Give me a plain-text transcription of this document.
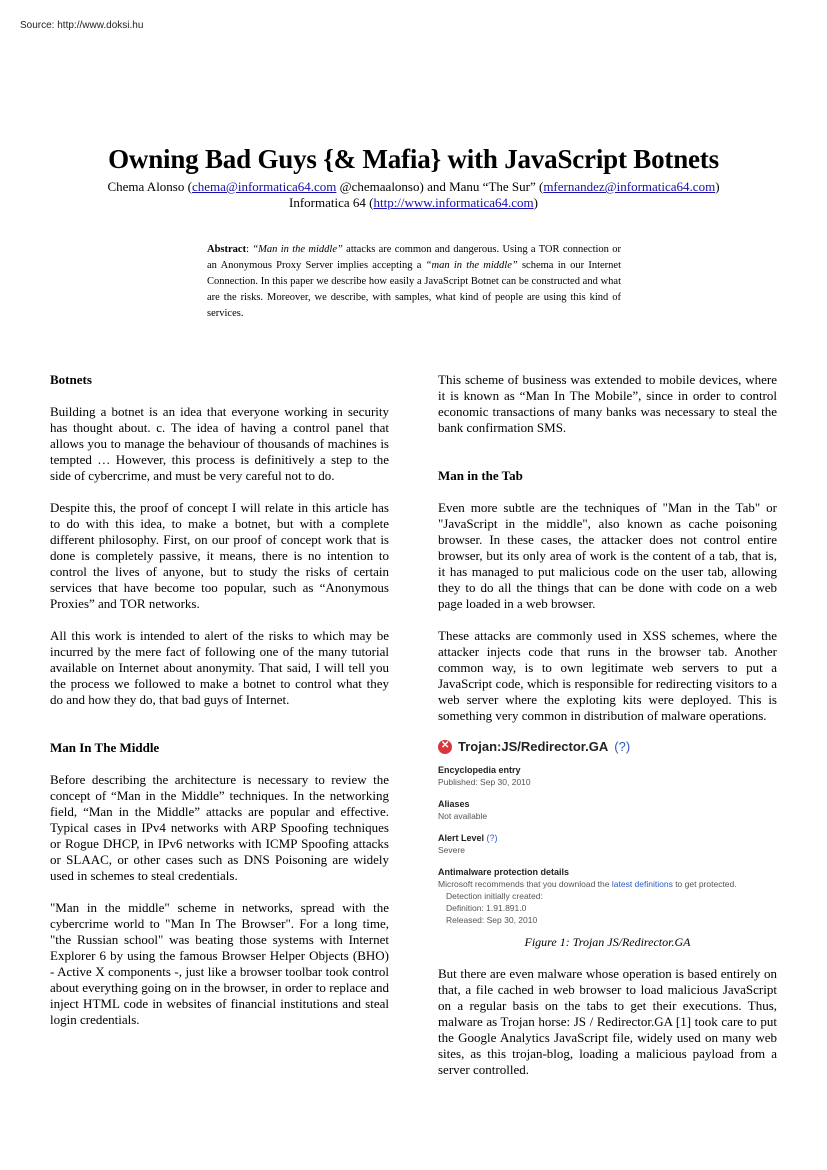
Source: http://www.doksi.hu
Owning Bad Guys {& Mafia} with JavaScript Botnets
Chema Alonso (chema@informatica64.com @chemaalonso) and Manu “The Sur” (mfernandez@informatica64.com)
Informatica 64 (http://www.informatica64.com)
Abstract: “Man in the middle” attacks are common and dangerous. Using a TOR connection or an Anonymous Proxy Server implies accepting a “man in the middle” schema in our Internet Connection. In this paper we describe how easily a JavaScript Botnet can be constructed and what are the risks. Moreover, we describe, with samples, what kind of people are using this kind of services.
Botnets

Building a botnet is an idea that everyone working in security has thought about. c. The idea of having a control panel that allows you to manage the behaviour of thousands of machines is tempted … However, this process is definitively a step to the side of cybercrime, and must be very careful not to do.

Despite this, the proof of concept I will relate in this article has to do with this idea, to make a botnet, but with a complete different philosophy. First, on our proof of concept work that is done is completely passive, it means, there is no intention to control the lives of anyone, but to study the risks of certain services that have become too popular, such as “Anonymous Proxies” and TOR networks.

All this work is intended to alert of the risks to which may be incurred by the mere fact of following one of the many tutorial available on Internet about anonymity. That said, I will tell you the process we followed to make a botnet to control what they do and how they do, that bad guys of Internet.

Man In The Middle

Before describing the architecture is necessary to review the concept of “Man in the Middle” techniques. In the networking field, “Man in the Middle” attacks are popular and effective. Typical cases in IPv4 networks with ARP Spoofing techniques or Rogue DHCP, in IPv6 networks with ICMP Spoofing attacks or SLAAC, or other cases such as DNS Poisoning are widely used in schemes to steal credentials.

"Man in the middle" scheme in networks, spread with the cybercrime world to "Man In The Browser". For a long time, "the Russian school" was beating those systems with Internet Explorer 6 by using the famous Browser Helper Objects (BHO) - Active X components -, just like a browser toolbar took control about everything going on in the browser, in order to replace and inject HTML code in websites of financial institutions and steal login credentials.

This scheme of business was extended to mobile devices, where it is known as “Man In The Mobile”, since in order to control economic transactions of many banks was necessary to steal the bank confirmation SMS.

Man in the Tab

Even more subtle are the techniques of "Man in the Tab" or "JavaScript in the middle", also known as cache poisoning browser. In these cases, the attacker does not control entire browser, but its only area of work is the content of a tab, that is, it has managed to put malicious code on the user tab, allowing they to do all the things that can be done with code on a web page loaded in a web browser.

These attacks are commonly used in XSS schemes, where the attacker injects code that runs in the browser tab. Another common way, is to own legitimate web servers to put a JavaScript code, which is responsible for redirecting visitors to a web server where the exploting kits were deployed. This is something very common in distribution of malware operations.

✕
Trojan:JS/Redirector.GA (?)
Encyclopedia entry
Published: Sep 30, 2010
Aliases
Not available
Alert Level (?)
Severe
Antimalware protection details
Microsoft recommends that you download the latest definitions to get protected.
Detection initially created:
Definition: 1.91.891.0
Released: Sep 30, 2010
Figure 1: Trojan JS/Redirector.GA

But there are even malware whose operation is based entirely on that, a file cached in web browser to load malicious JavaScript on a regular basis on the tabs to get their executions. Thus, malware as Trojan horse: JS / Redirector.GA [1] took care to put the Google Analytics JavaScript file, widely used on many web sites, as this trojan-blog, loading a malicious payload from a server controlled.
